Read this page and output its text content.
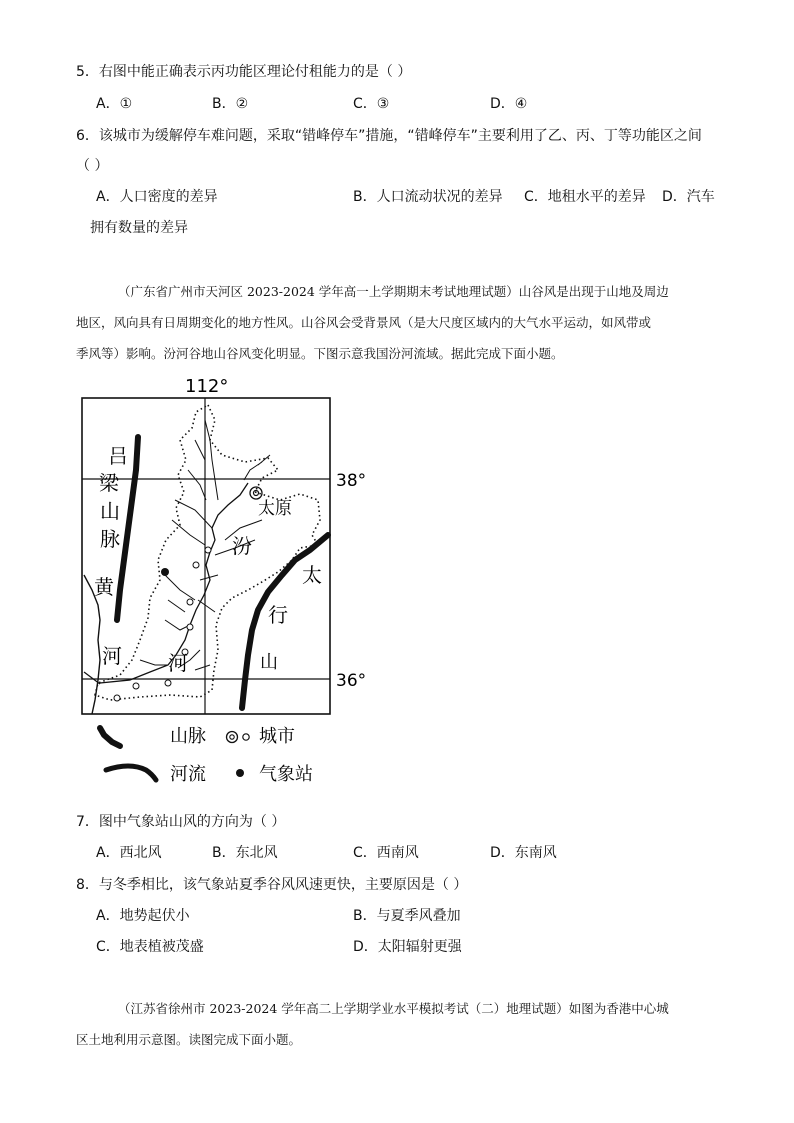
5．右图中能正确表示丙功能区理论付租能力的是（ ）
A．①	B．②	C．③	D．④
6．该城市为缓解停车难问题，采取“错峰停车”措施，“错峰停车”主要利用了乙、丙、丁等功能区之间
（ ）
A．人口密度的差异	B．人口流动状况的差异 C．地租水平的差异 D．汽车
拥有数量的差异
（广东省广州市天河区 2023-2024 学年高一上学期期末考试地理试题）山谷风是出现于山地及周边
地区，风向具有日周期变化的地方性风。山谷风会受背景风（是大尺度区域内的大气水平运动，如风带或
季风等）影响。汾河谷地山谷风变化明显。下图示意我国汾河流域。据此完成下面小题。
112°
38°
36°
吕
梁
山
脉
太原
汾
河
黄
河
太
行
山
山脉	城市
河流	气象站
7．图中气象站山风的方向为（ ）
A．西北风	B．东北风	C．西南风	D．东南风
8．与冬季相比，该气象站夏季谷风风速更快，主要原因是（ ）
A．地势起伏小	B．与夏季风叠加
C．地表植被茂盛	D．太阳辐射更强
（江苏省徐州市 2023-2024 学年高二上学期学业水平模拟考试（二）地理试题）如图为香港中心城
区土地利用示意图。读图完成下面小题。
